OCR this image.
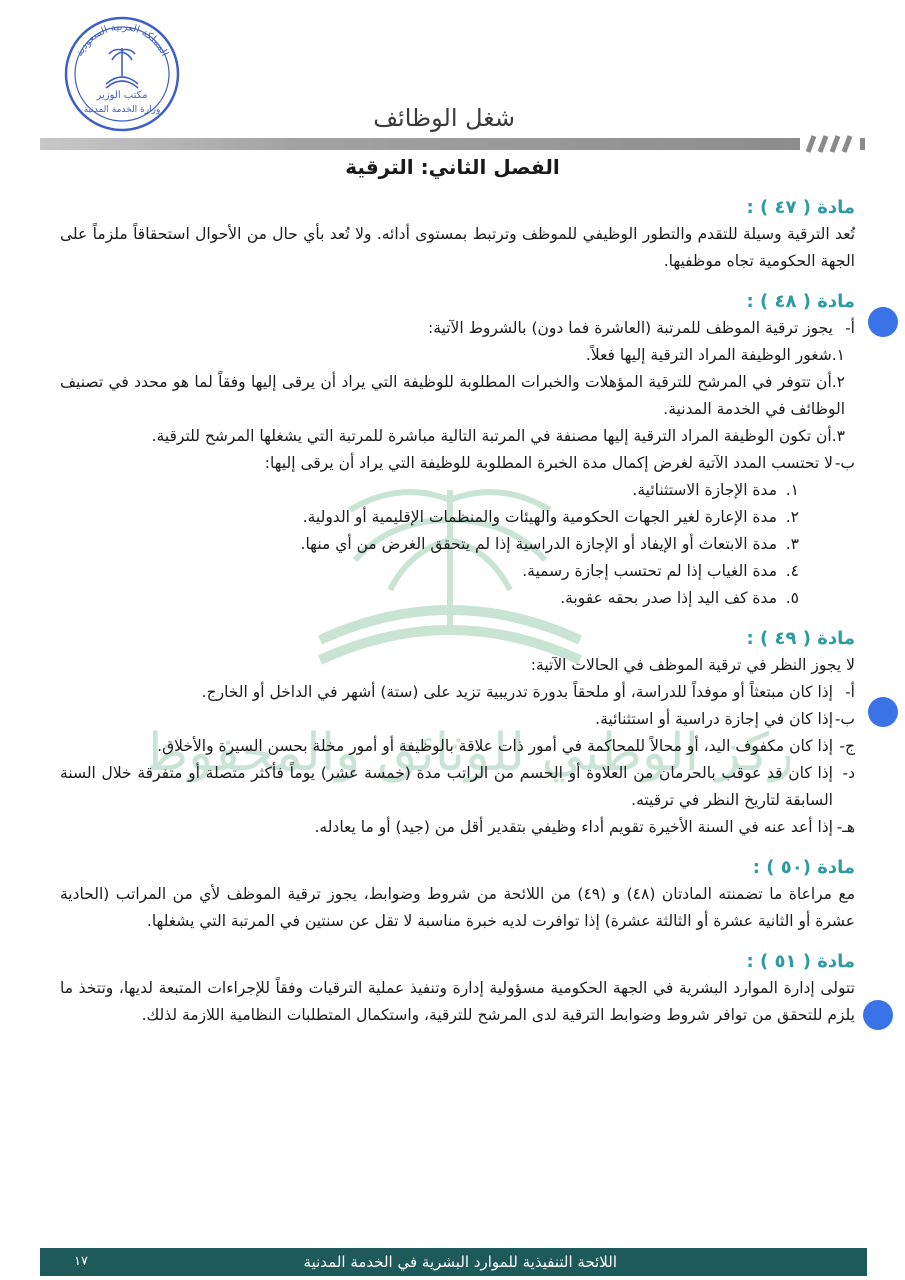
المملكة العربية السعودية
مكتب الوزير
وزارة الخدمة المدنية	شغل الوظائف
الفصل الثاني: الترقية
ركز الوطني للوثائق والمحفوظ
مادة ( ٤٧ ) :
تُعد الترقية وسيلة للتقدم والتطور الوظيفي للموظف وترتبط بمستوى أدائه. ولا تُعد بأي حال من الأحوال استحقاقاً ملزماً على الجهة الحكومية تجاه موظفيها.
مادة ( ٤٨ ) :
أ-
يجوز ترقية الموظف للمرتبة (العاشرة فما دون) بالشروط الآتية:
١.شغور الوظيفة المراد الترقية إليها فعلاً.
٢.أن تتوفر في المرشح للترقية المؤهلات والخبرات المطلوبة للوظيفة التي يراد أن يرقى إليها وفقاً لما هو محدد في تصنيف الوظائف في الخدمة المدنية.
٣.أن تكون الوظيفة المراد الترقية إليها مصنفة في المرتبة التالية مباشرة للمرتبة التي يشغلها المرشح للترقية.
ب-
لا تحتسب المدد الآتية لغرض إكمال مدة الخبرة المطلوبة للوظيفة التي يراد أن يرقى إليها:
١.
مدة الإجازة الاستثنائية.
٢.
مدة الإعارة لغير الجهات الحكومية والهيئات والمنظمات الإقليمية أو الدولية.
٣.
مدة الابتعاث أو الإيفاد أو الإجازة الدراسية إذا لم يتحقق الغرض من أي منها.
٤.
مدة الغياب إذا لم تحتسب إجازة رسمية.
٥.
مدة كف اليد إذا صدر بحقه عقوبة.
مادة ( ٤٩ ) :
لا يجوز النظر في ترقية الموظف في الحالات الآتية:
أ-
إذا كان مبتعثاً أو موفداً للدراسة، أو ملحقاً بدورة تدريبية تزيد على (ستة) أشهر في الداخل أو الخارج.
ب-
إذا كان في إجازة دراسية أو استثنائية.
ج-
إذا كان مكفوف اليد، أو محالاً للمحاكمة في أمور ذات علاقة بالوظيفة أو أمور مخلة بحسن السيرة والأخلاق.
د-
إذا كان قد عوقب بالحرمان من العلاوة أو الحسم من الراتب مدة (خمسة عشر) يوماً فأكثر متصلة أو متفرقة خلال السنة السابقة لتاريخ النظر في ترقيته.
هـ-
إذا أعد عنه في السنة الأخيرة تقويم أداء وظيفي بتقدير أقل من (جيد) أو ما يعادله.
مادة (٥٠ ) :
مع مراعاة ما تضمنته المادتان (٤٨) و (٤٩) من اللائحة من شروط وضوابط، يجوز ترقية الموظف لأي من المراتب (الحادية عشرة أو الثانية عشرة أو الثالثة عشرة) إذا توافرت لديه خبرة مناسبة لا تقل عن سنتين في المرتبة التي يشغلها.
مادة ( ٥١ ) :
تتولى إدارة الموارد البشرية في الجهة الحكومية مسؤولية إدارة وتنفيذ عملية الترقيات وفقاً للإجراءات المتبعة لديها، وتتخذ ما يلزم للتحقق من توافر شروط وضوابط الترقية لدى المرشح للترقية، واستكمال المتطلبات النظامية اللازمة لذلك.
اللائحة التنفيذية للموارد البشرية في الخدمة المدنية
١٧
